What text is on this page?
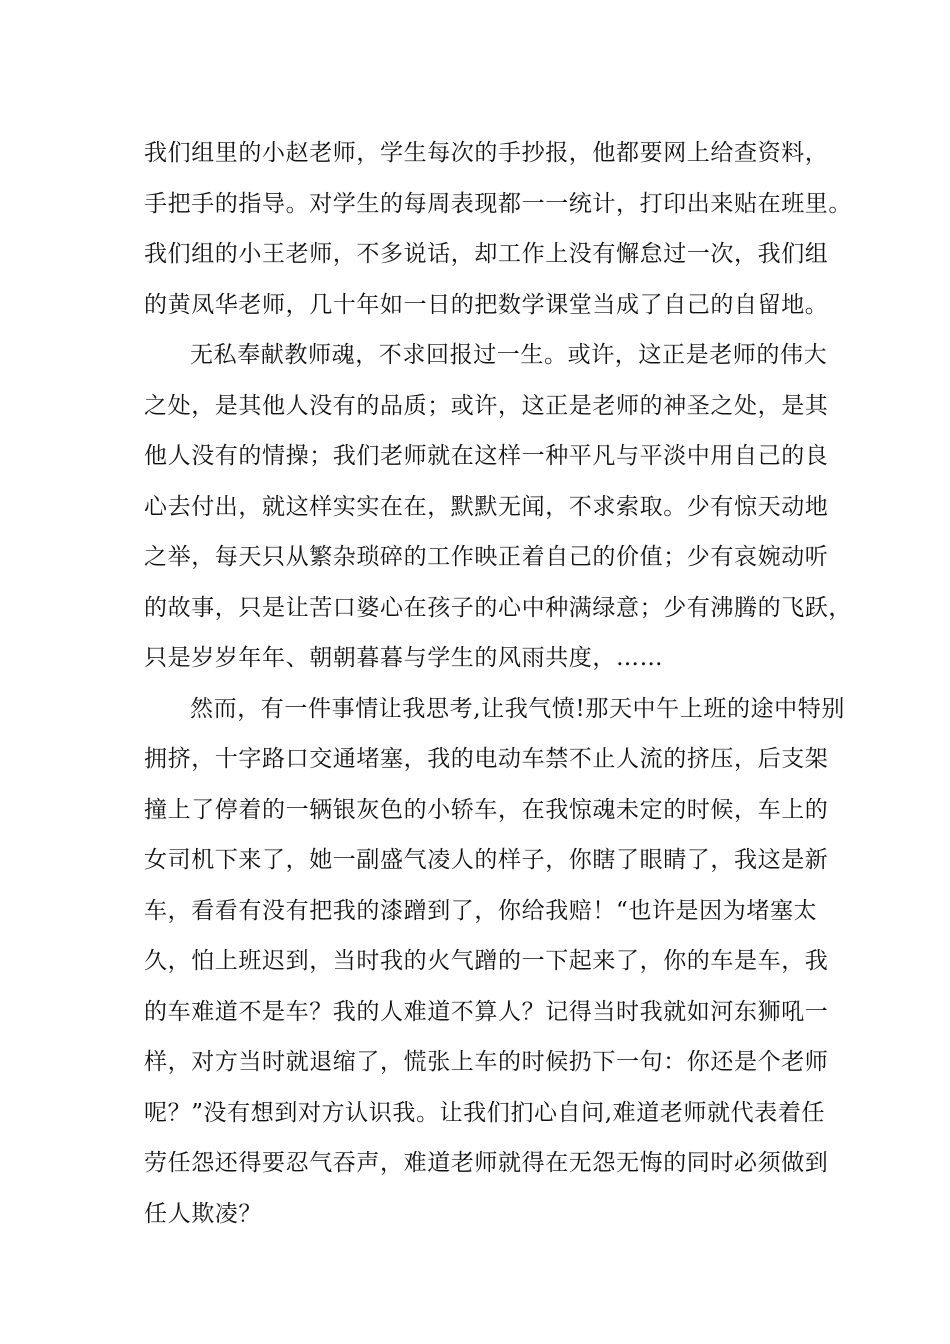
我们组里的小赵老师，学生每次的手抄报，他都要网上给查资料，
手把手的指导。对学生的每周表现都一一统计，打印出来贴在班里。
我们组的小王老师，不多说话，却工作上没有懈怠过一次，我们组
的黄凤华老师，几十年如一日的把数学课堂当成了自己的自留地。
无私奉献教师魂，不求回报过一生。或许，这正是老师的伟大
之处，是其他人没有的品质；或许，这正是老师的神圣之处，是其
他人没有的情操；我们老师就在这样一种平凡与平淡中用自己的良
心去付出，就这样实实在在，默默无闻，不求索取。少有惊天动地
之举，每天只从繁杂琐碎的工作映正着自己的价值；少有哀婉动听
的故事，只是让苦口婆心在孩子的心中种满绿意；少有沸腾的飞跃，
只是岁岁年年、朝朝暮暮与学生的风雨共度，……
然而，有一件事情让我思考,让我气愤!那天中午上班的途中特别
拥挤，十字路口交通堵塞，我的电动车禁不止人流的挤压，后支架
撞上了停着的一辆银灰色的小轿车，在我惊魂未定的时候，车上的
女司机下来了，她一副盛气凌人的样子，你瞎了眼睛了，我这是新
车，看看有没有把我的漆蹭到了，你给我赔！“也许是因为堵塞太
久，怕上班迟到，当时我的火气蹭的一下起来了，你的车是车，我
的车难道不是车？我的人难道不算人？记得当时我就如河东狮吼一
样，对方当时就退缩了，慌张上车的时候扔下一句：你还是个老师
呢？”没有想到对方认识我。让我们扪心自问,难道老师就代表着任
劳任怨还得要忍气吞声，难道老师就得在无怨无悔的同时必须做到
任人欺凌？
